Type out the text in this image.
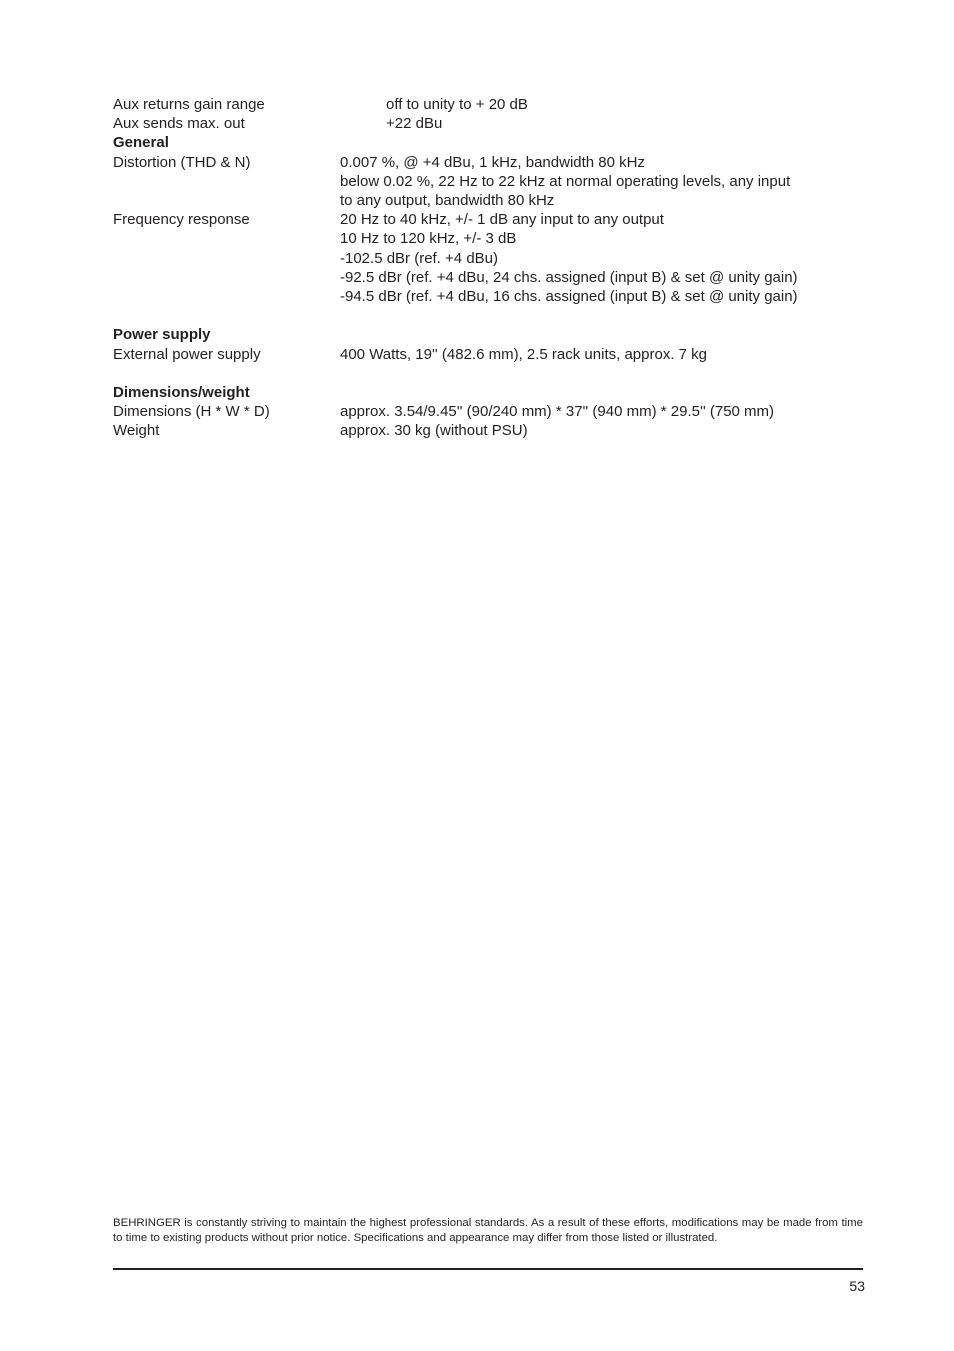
Aux returns gain range	off to unity to + 20 dB
Aux sends max. out	+22 dBu
General
Distortion (THD & N)	0.007 %, @ +4 dBu, 1 kHz, bandwidth 80 kHz
below 0.02 %, 22 Hz to 22 kHz at normal operating levels, any input
to any output, bandwidth 80 kHz
Frequency response	20 Hz to 40 kHz, +/- 1 dB any input to any output
10 Hz to 120 kHz, +/- 3 dB
-102.5 dBr (ref. +4 dBu)
-92.5 dBr (ref. +4 dBu, 24 chs. assigned (input B) & set @ unity gain)
-94.5 dBr (ref. +4 dBu, 16 chs. assigned (input B) & set @ unity gain)
Power supply
External power supply	400 Watts, 19'' (482.6 mm), 2.5 rack units, approx. 7 kg
Dimensions/weight
Dimensions (H * W * D)	approx. 3.54/9.45'' (90/240 mm) * 37'' (940 mm) * 29.5'' (750 mm)
Weight	approx. 30 kg (without PSU)
BEHRINGER is constantly striving to maintain the highest professional standards. As a result of these efforts, modifications may be made from time to time to existing products without prior notice. Specifications and appearance may differ from those listed or illustrated.
53
